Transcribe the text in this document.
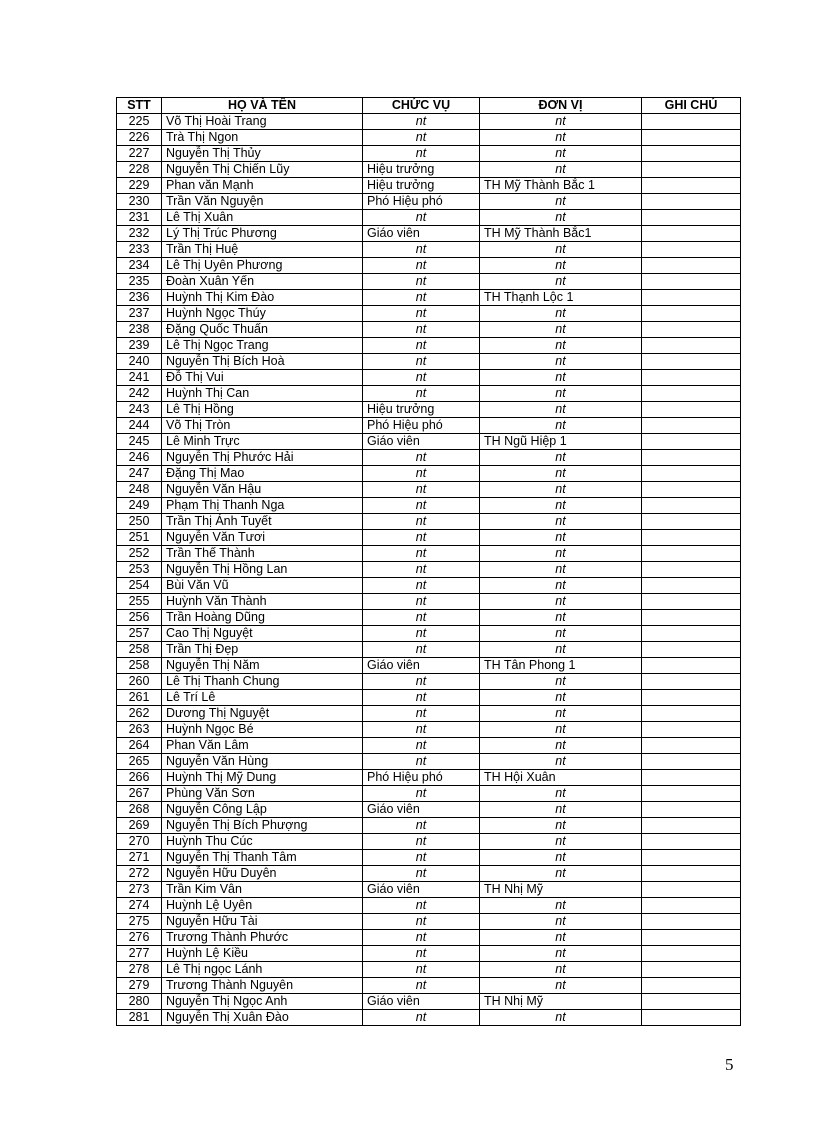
STT	HỌ VÀ TÊN	CHỨC VỤ	ĐƠN VỊ	GHI CHÚ
225	Võ Thị Hoài Trang	nt	nt	
226	Trà Thị Ngon	nt	nt	
227	Nguyễn Thị Thủy	nt	nt	
228	Nguyễn Thị Chiến Lũy	Hiệu trưởng	nt	
229	Phan văn Mạnh	Hiệu trưởng	TH Mỹ Thành Bắc 1	
230	Trần Văn Nguyện	Phó Hiệu phó	nt	
231	Lê Thị Xuân	nt	nt	
232	Lý Thị Trúc Phương	Giáo viên	TH Mỹ Thành Bắc1	
233	Trần Thị Huệ	nt	nt	
234	Lê Thị Uyên Phương	nt	nt	
235	Đoàn Xuân Yến	nt	nt	
236	Huỳnh Thị Kim Đào	nt	TH Thạnh Lộc 1	
237	Huỳnh Ngọc Thúy	nt	nt	
238	Đặng Quốc Thuấn	nt	nt	
239	Lê Thị Ngọc Trang	nt	nt	
240	Nguyễn Thị Bích Hoà	nt	nt	
241	Đỗ Thị Vui	nt	nt	
242	Huỳnh Thị Can	nt	nt	
243	Lê Thị Hồng	Hiệu trưởng	nt	
244	Võ Thị Tròn	Phó Hiệu phó	nt	
245	Lê Minh Trực	Giáo viên	TH Ngũ Hiệp 1	
246	Nguyễn Thị Phước Hải	nt	nt	
247	Đặng Thị Mao	nt	nt	
248	Nguyễn Văn Hậu	nt	nt	
249	Phạm Thị Thanh Nga	nt	nt	
250	Trần Thị Ánh Tuyết	nt	nt	
251	Nguyễn Văn Tươi	nt	nt	
252	Trần Thế Thành	nt	nt	
253	Nguyễn Thị Hồng Lan	nt	nt	
254	Bùi Văn Vũ	nt	nt	
255	Huỳnh Văn Thành	nt	nt	
256	Trần Hoàng Dũng	nt	nt	
257	Cao Thị Nguyệt	nt	nt	
258	Trần Thị Đẹp	nt	nt	
258	Nguyễn Thị Năm	Giáo viên	TH Tân Phong 1	
260	Lê Thị Thanh Chung	nt	nt	
261	Lê Trí Lê	nt	nt	
262	Dương Thị Nguyệt	nt	nt	
263	Huỳnh Ngọc Bé	nt	nt	
264	Phan Văn Lâm	nt	nt	
265	Nguyễn Văn Hùng	nt	nt	
266	Huỳnh Thị Mỹ Dung	Phó Hiệu phó	TH Hội Xuân	
267	Phùng Văn Sơn	nt	nt	
268	Nguyễn Công Lập	Giáo viên	nt	
269	Nguyễn Thị Bích Phượng	nt	nt	
270	Huỳnh Thu Cúc	nt	nt	
271	Nguyễn Thị Thanh Tâm	nt	nt	
272	Nguyễn Hữu Duyên	nt	nt	
273	Trần Kim Vân	Giáo viên	TH Nhị Mỹ	
274	Huỳnh Lệ Uyên	nt	nt	
275	Nguyễn Hữu Tài	nt	nt	
276	Trương Thành Phước	nt	nt	
277	Huỳnh Lệ Kiều	nt	nt	
278	Lê Thị ngọc Lánh	nt	nt	
279	Trương Thành Nguyên	nt	nt	
280	Nguyễn Thị Ngọc Anh	Giáo viên	TH Nhị Mỹ	
281	Nguyễn Thị Xuân Đào	nt	nt	
5
